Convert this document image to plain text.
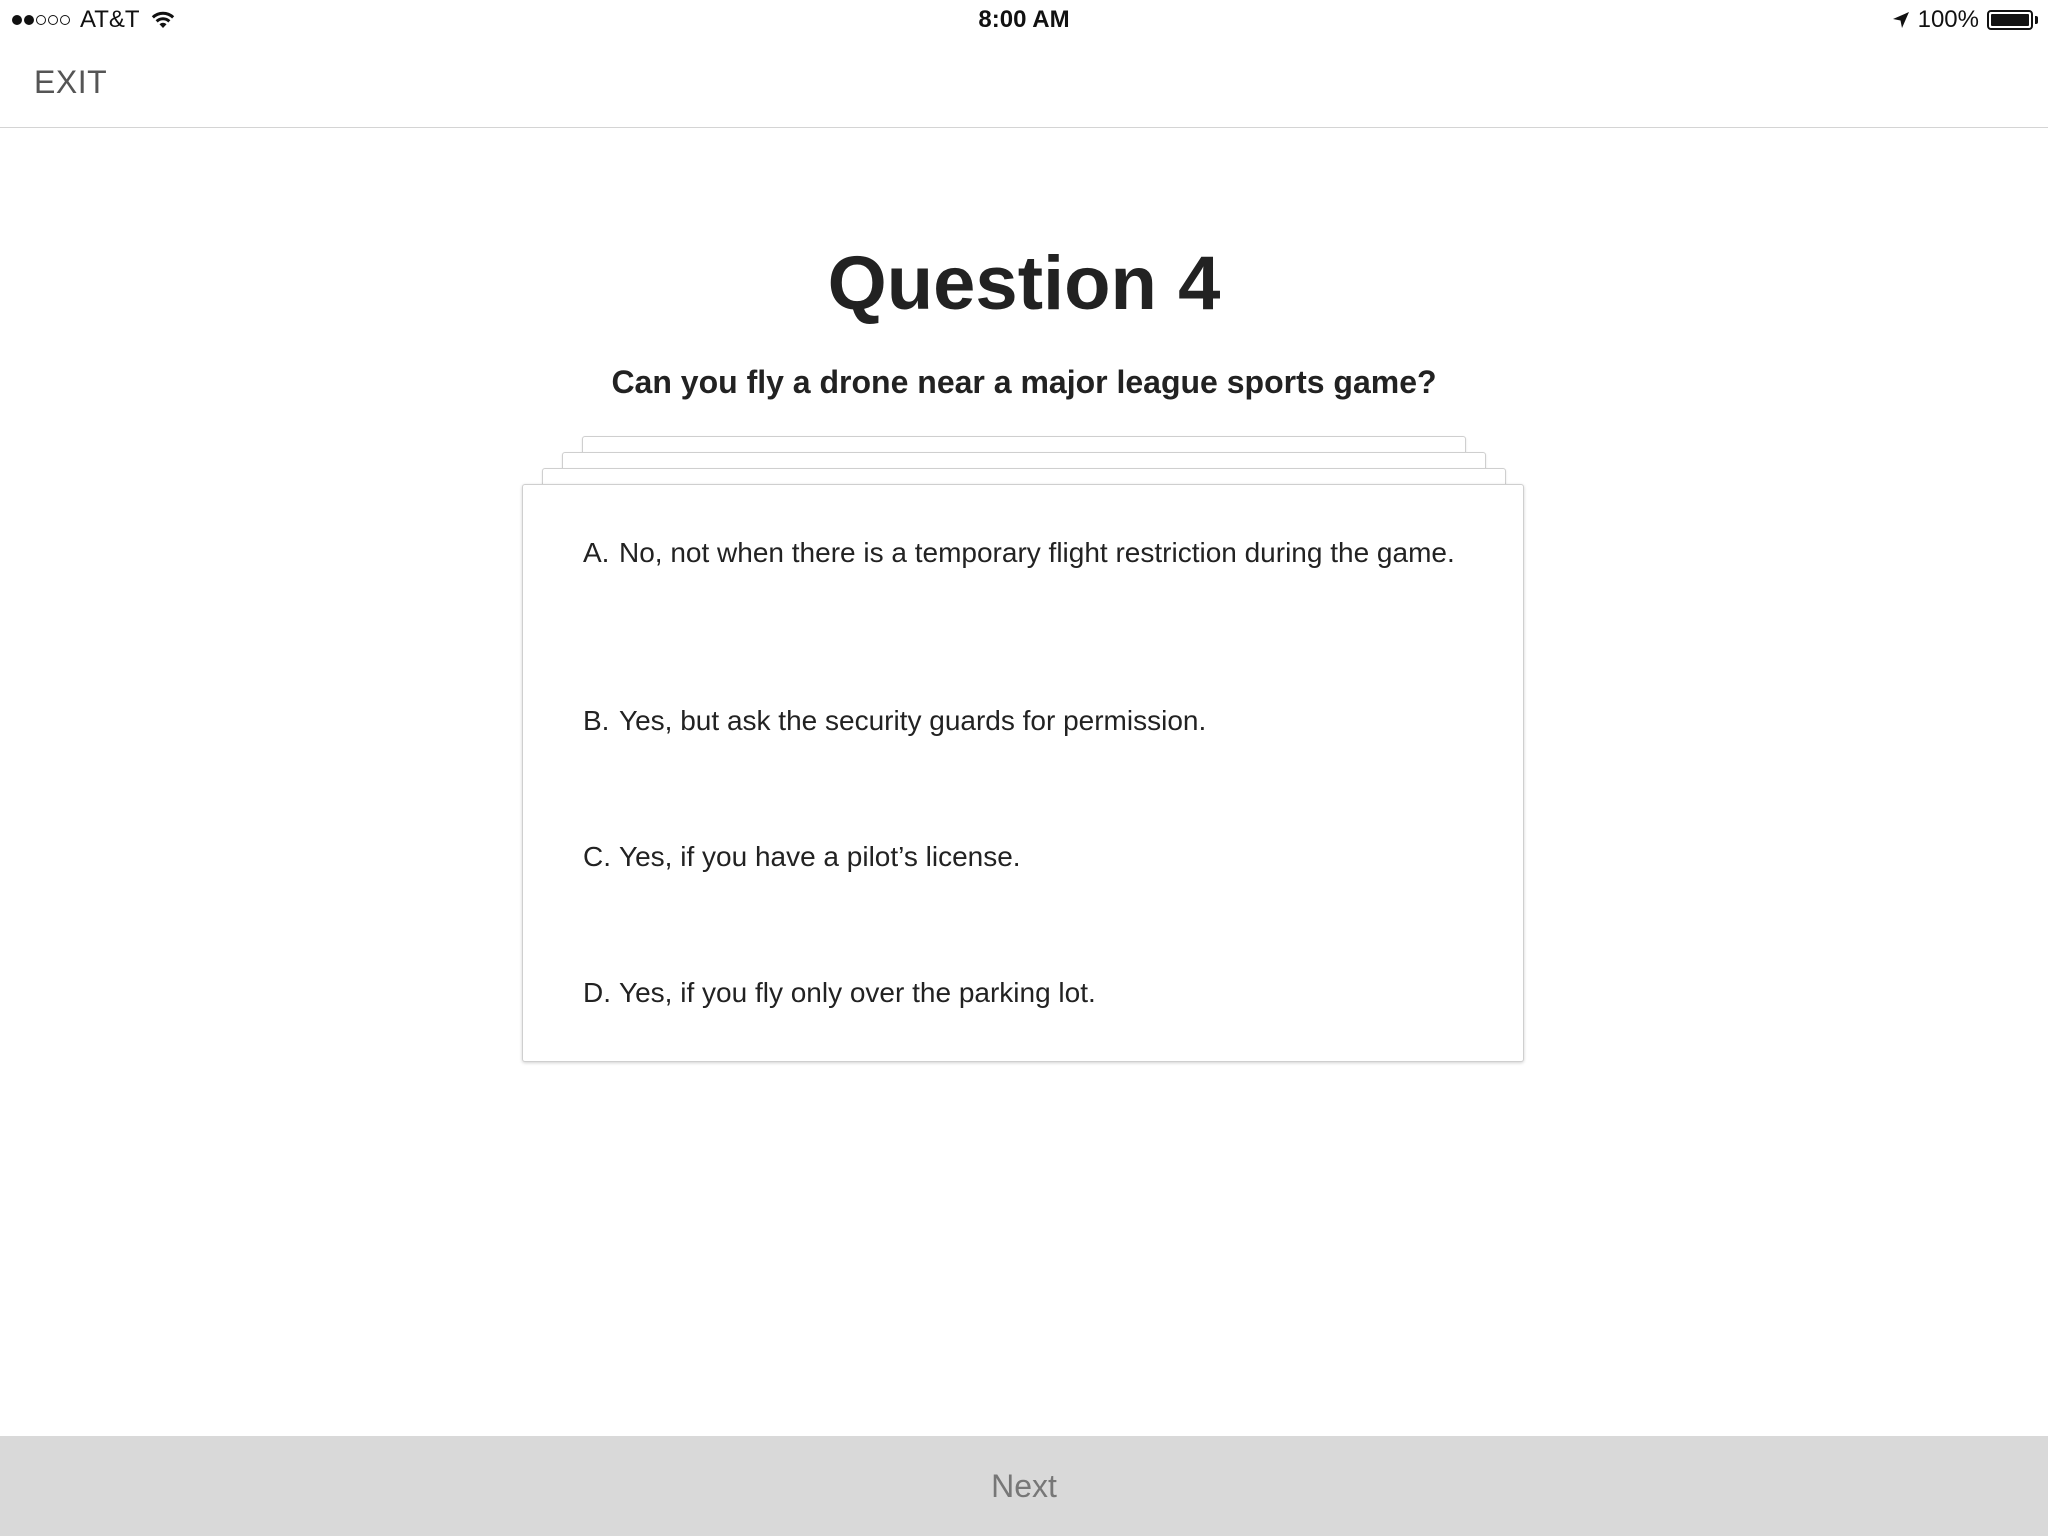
AT&T	8:00 AM	100%
EXIT
Question 4

Can you fly a drone near a major league sports game?

A. No, not when there is a temporary flight restriction during the game.
B. Yes, but ask the security guards for permission.
C. Yes, if you have a pilot’s license.
D. Yes, if you fly only over the parking lot.
Next
